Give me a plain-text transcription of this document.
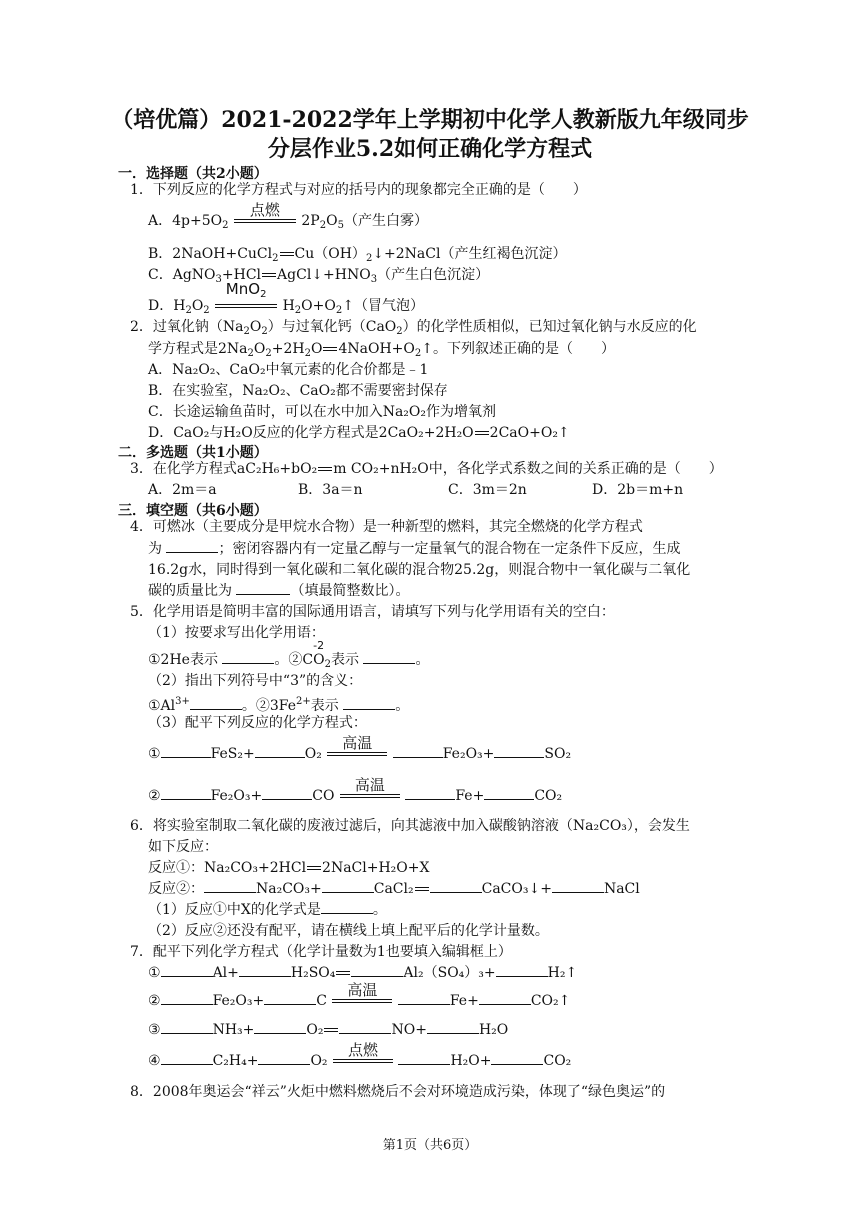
（培优篇）2021-2022学年上学期初中化学人教新版九年级同步
分层作业5.2如何正确化学方程式
一．选择题（共2小题）
1．下列反应的化学方程式与对应的括号内的现象都完全正确的是（　　）
A．$4p+5O_2$
点燃
$2P_2O_5$（产生白雾）
B．2NaOH+CuCl$_2$ $Cu(OH)_2↓+2NaCl$（产生红褐色沉淀）
C．AgNO$_3$+HCl $AgCl↓+HNO_3$（产生白色沉淀）
D．$H_2O_2$
MnO$_2$
$H_2O+O_2↑$（冒气泡）
2．过氧化钠$(Na_2O_2)$与过氧化钙（CaO$_2$）的化学性质相似，已知过氧化钠与水反应的化
学方程式是$2Na_2O_2+2H_2O$ $4NaOH+O_2↑$。下列叙述正确的是（　　）
A．Na₂O₂、CaO₂中氧元素的化合价都是﹣1
B．在实验室，Na₂O₂、CaO₂都不需要密封保存
C．长途运输鱼苗时，可以在水中加入Na₂O₂作为增氧剂
D．CaO₂与H₂O反应的化学方程式是2CaO₂+2H₂O 2CaO+O₂↑
二．多选题（共1小题）
3．在化学方程式aC₂H₆+bO₂ m CO₂+nH₂O中，各化学式系数之间的关系正确的是（　　）
A．2m＝a	B．3a＝n	C．3m＝2n	D．2b＝m+n
三．填空题（共6小题）
4．可燃冰（主要成分是甲烷水合物）是一种新型的燃料，其完全燃烧的化学方程式
为	；密闭容器内有一定量乙醇与一定量氧气的混合物在一定条件下反应，生成
16.2g水，同时得到一氧化碳和二氧化碳的混合物25.2g，则混合物中一氧化碳与二氧化
碳的质量比为	（填最简整数比）。
5．化学用语是简明丰富的国际通用语言，请填写下列与化学用语有关的空白：
（1）按要求写出化学用语：
①2He表示	。②C
-2
$O_2$表示	。
（2）指出下列符号中“3”的含义：
$①Al^{3+}$	。$②3Fe^{2+}$表示	。
（3）配平下列反应的化学方程式：
①	FeS₂+	O₂
高温
Fe₂O₃+	SO₂
②	Fe₂O₃+	CO
高温
Fe+	CO₂
6．将实验室制取二氧化碳的废液过滤后，向其滤液中加入碳酸钠溶液（Na₂CO₃），会发生
如下反应：
反应①：Na₂CO₃+2HCl 2NaCl+H₂O+X
反应②：	Na₂CO₃+	CaCl₂	CaCO₃↓+	NaCl
（1）反应①中X的化学式是	。
（2）反应②还没有配平，请在横线上填上配平后的化学计量数。
7．配平下列化学方程式（化学计量数为1也要填入编辑框上）
①	Al+	H₂SO₄	Al₂（SO₄）₃+	H₂↑
②	Fe₂O₃+	C
高温
Fe+	CO₂↑
③	NH₃+	O₂	NO+	H₂O
④	C₂H₄+	O₂
点燃
H₂O+	CO₂
8．2008年奥运会“祥云”火炬中燃料燃烧后不会对环境造成污染，体现了“绿色奥运”的
第1页（共6页）
